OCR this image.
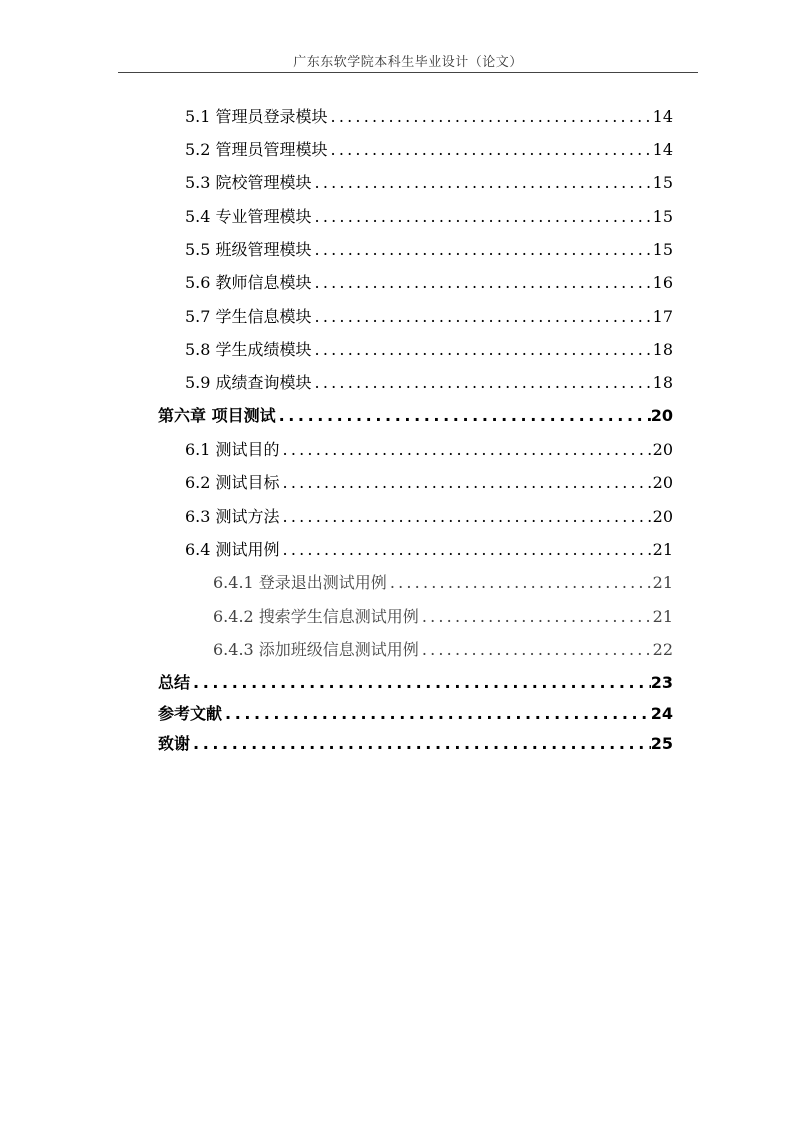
广东东软学院本科生毕业设计（论文）
5.1 管理员登录模块 .....	14
5.2 管理员管理模块 .....	14
5.3 院校管理模块 .....	15
5.4 专业管理模块 .....	15
5.5 班级管理模块 .....	15
5.6 教师信息模块 .....	16
5.7 学生信息模块 .....	17
5.8 学生成绩模块 .....	18
5.9 成绩查询模块 .....	18
第六章 项目测试 .....	20
6.1 测试目的 .....	20
6.2 测试目标 .....	20
6.3 测试方法 .....	20
6.4 测试用例 .....	21
6.4.1 登录退出测试用例 .....	21
6.4.2 搜索学生信息测试用例 .....	21
6.4.3 添加班级信息测试用例 .....	22
总结 .....	23
参考文献 .....	24
致谢 .....	25
